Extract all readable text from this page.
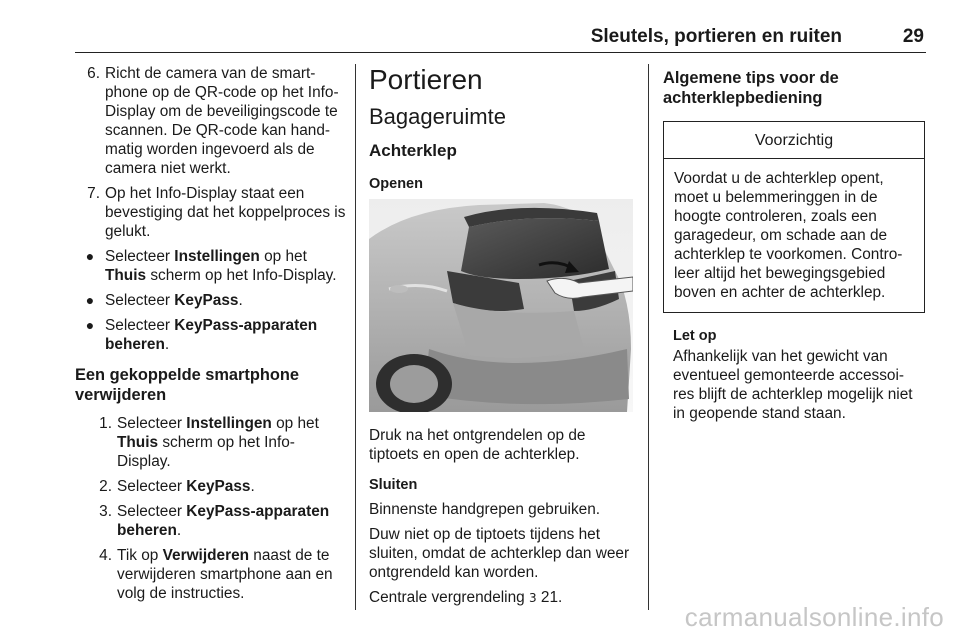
Sleutels, portieren en ruiten	29
6. Richt de camera van de smart-phone op de QR-code op het Info-Display om de beveiligingscode te scannen. De QR-code kan hand-matig worden ingevoerd als de camera niet werkt.
7. Op het Info-Display staat een bevestiging dat het koppelproces is gelukt.
● Selecteer Instellingen op het Thuis scherm op het Info-Display.
● Selecteer KeyPass.
● Selecteer KeyPass-apparaten beheren.
Een gekoppelde smartphone verwijderen
1. Selecteer Instellingen op het Thuis scherm op het Info-Display.
2. Selecteer KeyPass.
3. Selecteer KeyPass-apparaten beheren.
4. Tik op Verwijderen naast de te verwijderen smartphone aan en volg de instructies.
Portieren
Bagageruimte
Achterklep
Openen
Druk na het ontgrendelen op de tiptoets en open de achterklep.
Sluiten
Binnenste handgrepen gebruiken.
Duw niet op de tiptoets tijdens het sluiten, omdat de achterklep dan weer ontgrendeld kan worden.
Centrale vergrendeling 3 21.
Algemene tips voor de achterklepbediening
Voorzichtig
Voordat u de achterklep opent, moet u belemmeringgen in de hoogte controleren, zoals een garagedeur, om schade aan de achterklep te voorkomen. Contro-leer altijd het bewegingsgebied boven en achter de achterklep.
Let op
Afhankelijk van het gewicht van eventueel gemonteerde accessoi-res blijft de achterklep mogelijk niet in geopende stand staan.
carmanualsonline.info
